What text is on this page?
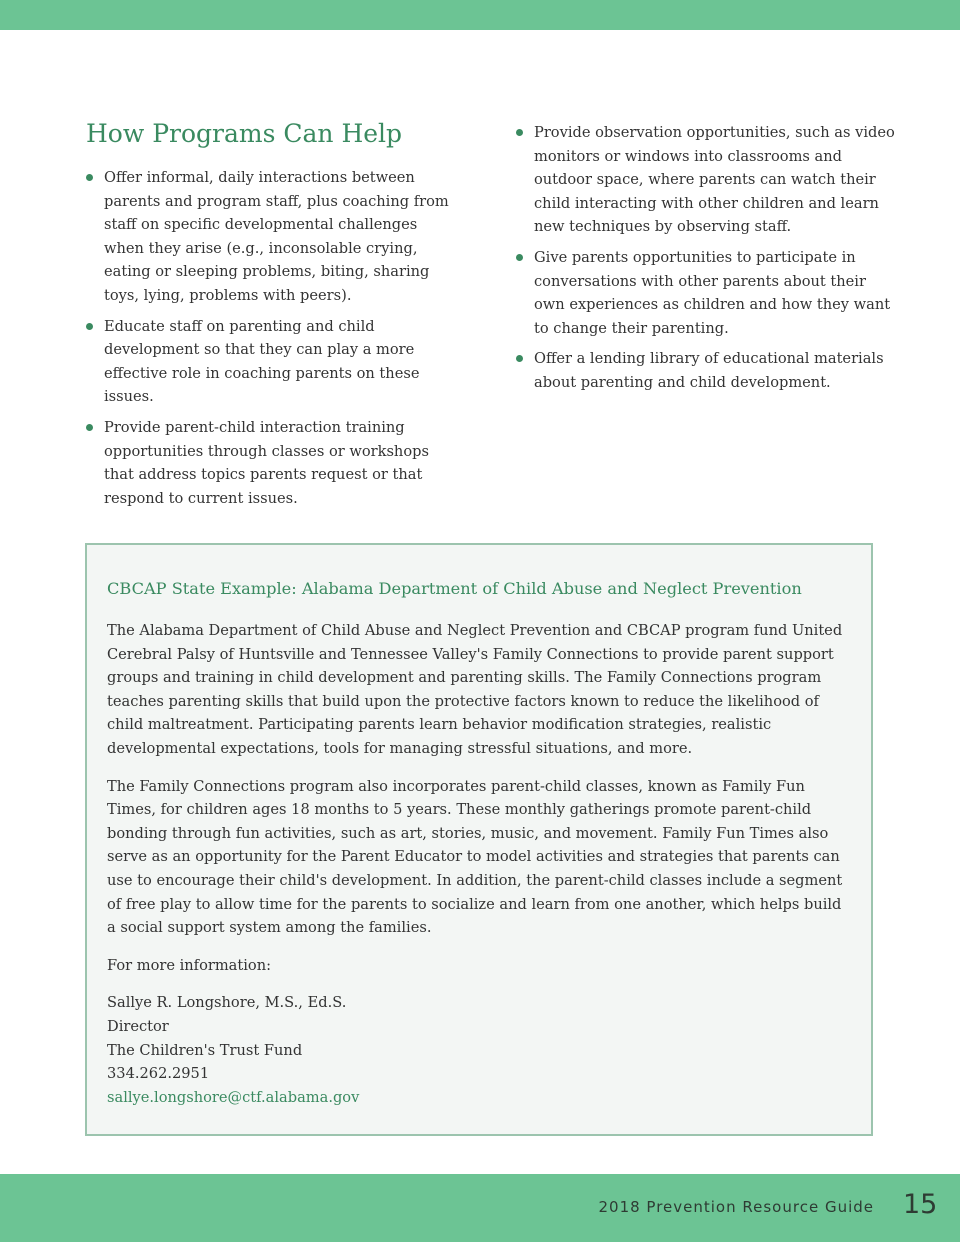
How Programs Can Help
Offer informal, daily interactions between parents and program staff, plus coaching from staff on specific developmental challenges when they arise (e.g., inconsolable crying, eating or sleeping problems, biting, sharing toys, lying, problems with peers).
Educate staff on parenting and child development so that they can play a more effective role in coaching parents on these issues.
Provide parent-child interaction training opportunities through classes or workshops that address topics parents request or that respond to current issues.
Provide observation opportunities, such as video monitors or windows into classrooms and outdoor space, where parents can watch their child interacting with other children and learn new techniques by observing staff.
Give parents opportunities to participate in conversations with other parents about their own experiences as children and how they want to change their parenting.
Offer a lending library of educational materials about parenting and child development.
CBCAP State Example: Alabama Department of Child Abuse and Neglect Prevention

The Alabama Department of Child Abuse and Neglect Prevention and CBCAP program fund United Cerebral Palsy of Huntsville and Tennessee Valley's Family Connections to provide parent support groups and training in child development and parenting skills. The Family Connections program teaches parenting skills that build upon the protective factors known to reduce the likelihood of child maltreatment. Participating parents learn behavior modification strategies, realistic developmental expectations, tools for managing stressful situations, and more.

The Family Connections program also incorporates parent-child classes, known as Family Fun Times, for children ages 18 months to 5 years. These monthly gatherings promote parent-child bonding through fun activities, such as art, stories, music, and movement. Family Fun Times also serve as an opportunity for the Parent Educator to model activities and strategies that parents can use to encourage their child's development. In addition, the parent-child classes include a segment of free play to allow time for the parents to socialize and learn from one another, which helps build a social support system among the families.

For more information:

Sallye R. Longshore, M.S., Ed.S.
Director
The Children's Trust Fund
334.262.2951
sallye.longshore@ctf.alabama.gov
2018 Prevention Resource Guide 15
